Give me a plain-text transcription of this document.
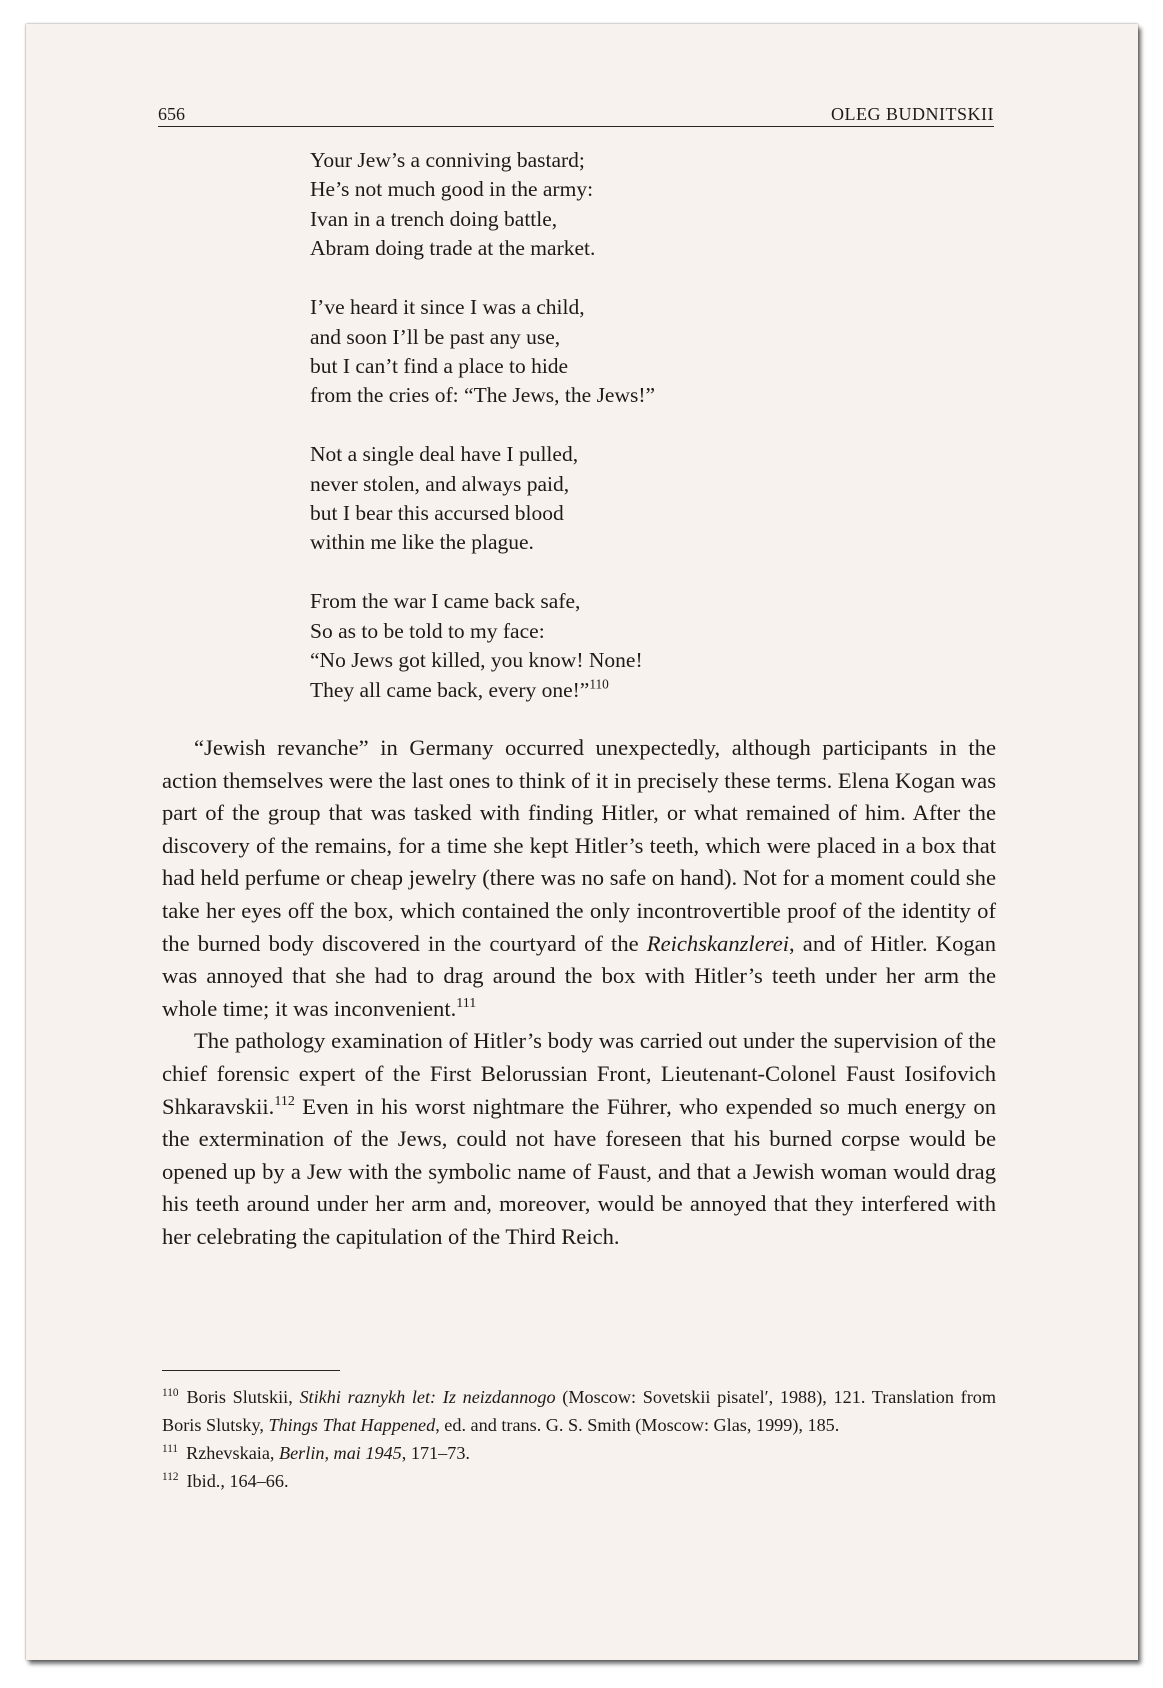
656	OLEG BUDNITSKII
Your Jew’s a conniving bastard;
He’s not much good in the army:
Ivan in a trench doing battle,
Abram doing trade at the market.
I’ve heard it since I was a child,
and soon I’ll be past any use,
but I can’t find a place to hide
from the cries of: “The Jews, the Jews!”
Not a single deal have I pulled,
never stolen, and always paid,
but I bear this accursed blood
within me like the plague.
From the war I came back safe,
So as to be told to my face:
“No Jews got killed, you know! None!
They all came back, every one!”$^{110}$

“Jewish revanche” in Germany occurred unexpectedly, although participants in the action themselves were the last ones to think of it in precisely these terms. Elena Kogan was part of the group that was tasked with finding Hitler, or what remained of him. After the discovery of the remains, for a time she kept Hitler’s teeth, which were placed in a box that had held perfume or cheap jewelry (there was no safe on hand). Not for a moment could she take her eyes off the box, which contained the only incontrovertible proof of the identity of the burned body discovered in the courtyard of the Reichskanzlerei, and of Hitler. Kogan was annoyed that she had to drag around the box with Hitler’s teeth under her arm the whole time; it was inconvenient.$^{111}$

The pathology examination of Hitler’s body was carried out under the supervision of the chief forensic expert of the First Belorussian Front, Lieutenant-Colonel Faust Iosifovich Shkaravskii.$^{112}$ Even in his worst nightmare the Führer, who expended so much energy on the extermination of the Jews, could not have foreseen that his burned corpse would be opened up by a Jew with the symbolic name of Faust, and that a Jewish woman would drag his teeth around under her arm and, moreover, would be annoyed that they interfered with her celebrating the capitulation of the Third Reich.

$^{110}$ Boris Slutskii, Stikhi raznykh let: Iz neizdannogo (Moscow: Sovetskii pisatel′, 1988), 121. Translation from Boris Slutsky, Things That Happened, ed. and trans. G. S. Smith (Moscow: Glas, 1999), 185.

$^{111}$ Rzhevskaia, Berlin, mai 1945, 171–73.

$^{112}$ Ibid., 164–66.
